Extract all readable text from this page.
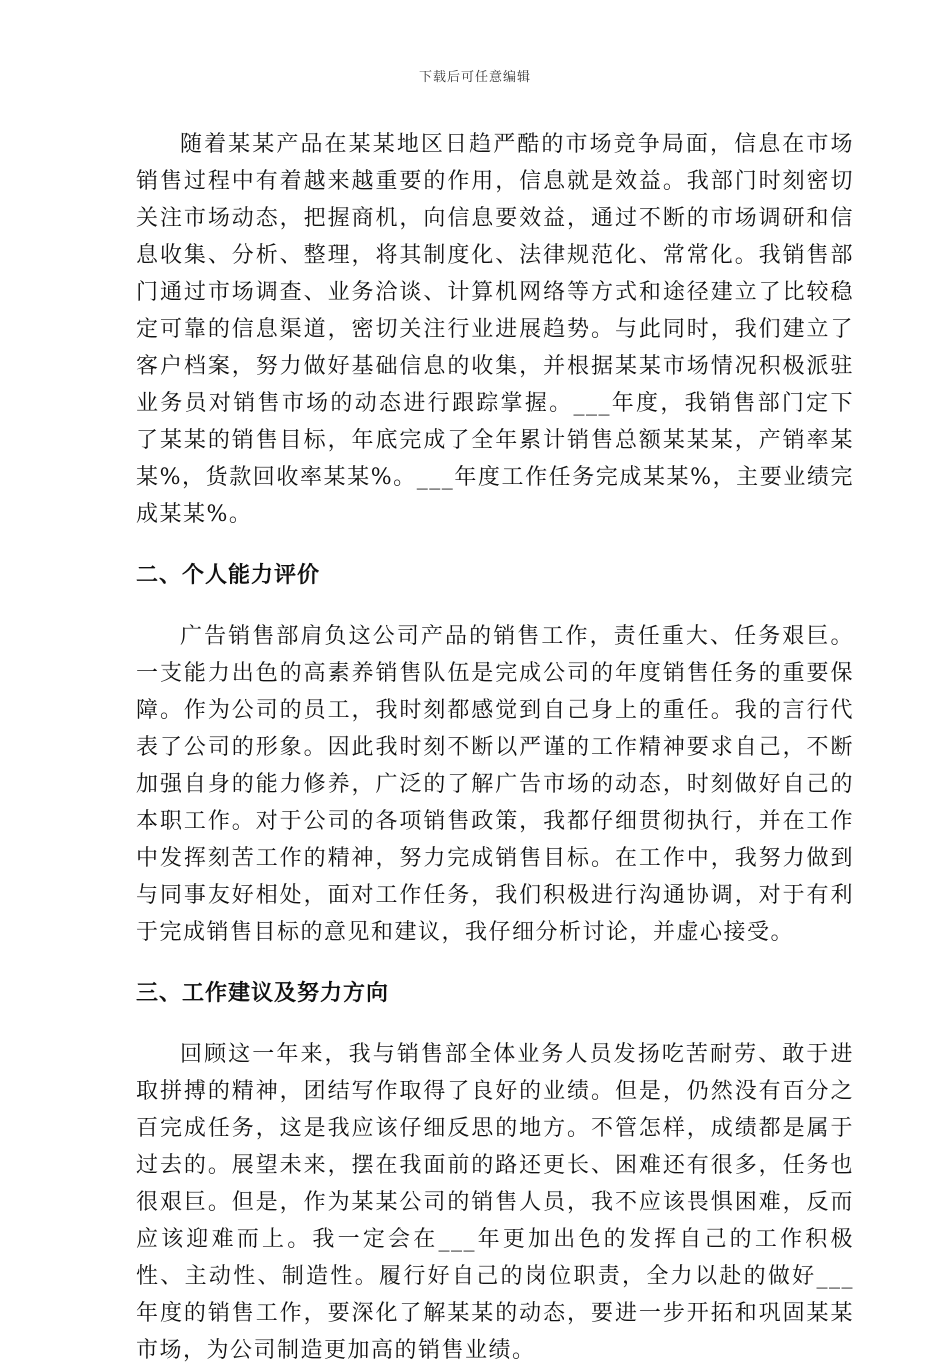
下载后可任意编辑

随着某某产品在某某地区日趋严酷的市场竞争局面，信息在市场销售过程中有着越来越重要的作用，信息就是效益。我部门时刻密切关注市场动态，把握商机，向信息要效益，通过不断的市场调研和信息收集、分析、整理，将其制度化、法律规范化、常常化。我销售部门通过市场调查、业务洽谈、计算机网络等方式和途径建立了比较稳定可靠的信息渠道，密切关注行业进展趋势。与此同时，我们建立了客户档案，努力做好基础信息的收集，并根据某某市场情况积极派驻业务员对销售市场的动态进行跟踪掌握。___年度，我销售部门定下了某某的销售目标，年底完成了全年累计销售总额某某某，产销率某某%，货款回收率某某%。___年度工作任务完成某某%，主要业绩完成某某%。

二、个人能力评价

广告销售部肩负这公司产品的销售工作，责任重大、任务艰巨。一支能力出色的高素养销售队伍是完成公司的年度销售任务的重要保障。作为公司的员工，我时刻都感觉到自己身上的重任。我的言行代表了公司的形象。因此我时刻不断以严谨的工作精神要求自己，不断加强自身的能力修养，广泛的了解广告市场的动态，时刻做好自己的本职工作。对于公司的各项销售政策，我都仔细贯彻执行，并在工作中发挥刻苦工作的精神，努力完成销售目标。在工作中，我努力做到与同事友好相处，面对工作任务，我们积极进行沟通协调，对于有利于完成销售目标的意见和建议，我仔细分析讨论，并虚心接受。

三、工作建议及努力方向

回顾这一年来，我与销售部全体业务人员发扬吃苦耐劳、敢于进取拼搏的精神，团结写作取得了良好的业绩。但是，仍然没有百分之百完成任务，这是我应该仔细反思的地方。不管怎样，成绩都是属于过去的。展望未来，摆在我面前的路还更长、困难还有很多，任务也很艰巨。但是，作为某某公司的销售人员，我不应该畏惧困难，反而应该迎难而上。我一定会在___年更加出色的发挥自己的工作积极性、主动性、制造性。履行好自己的岗位职责，全力以赴的做好___年度的销售工作，要深化了解某某的动态，要进一步开拓和巩固某某市场，为公司制造更加高的销售业绩。
